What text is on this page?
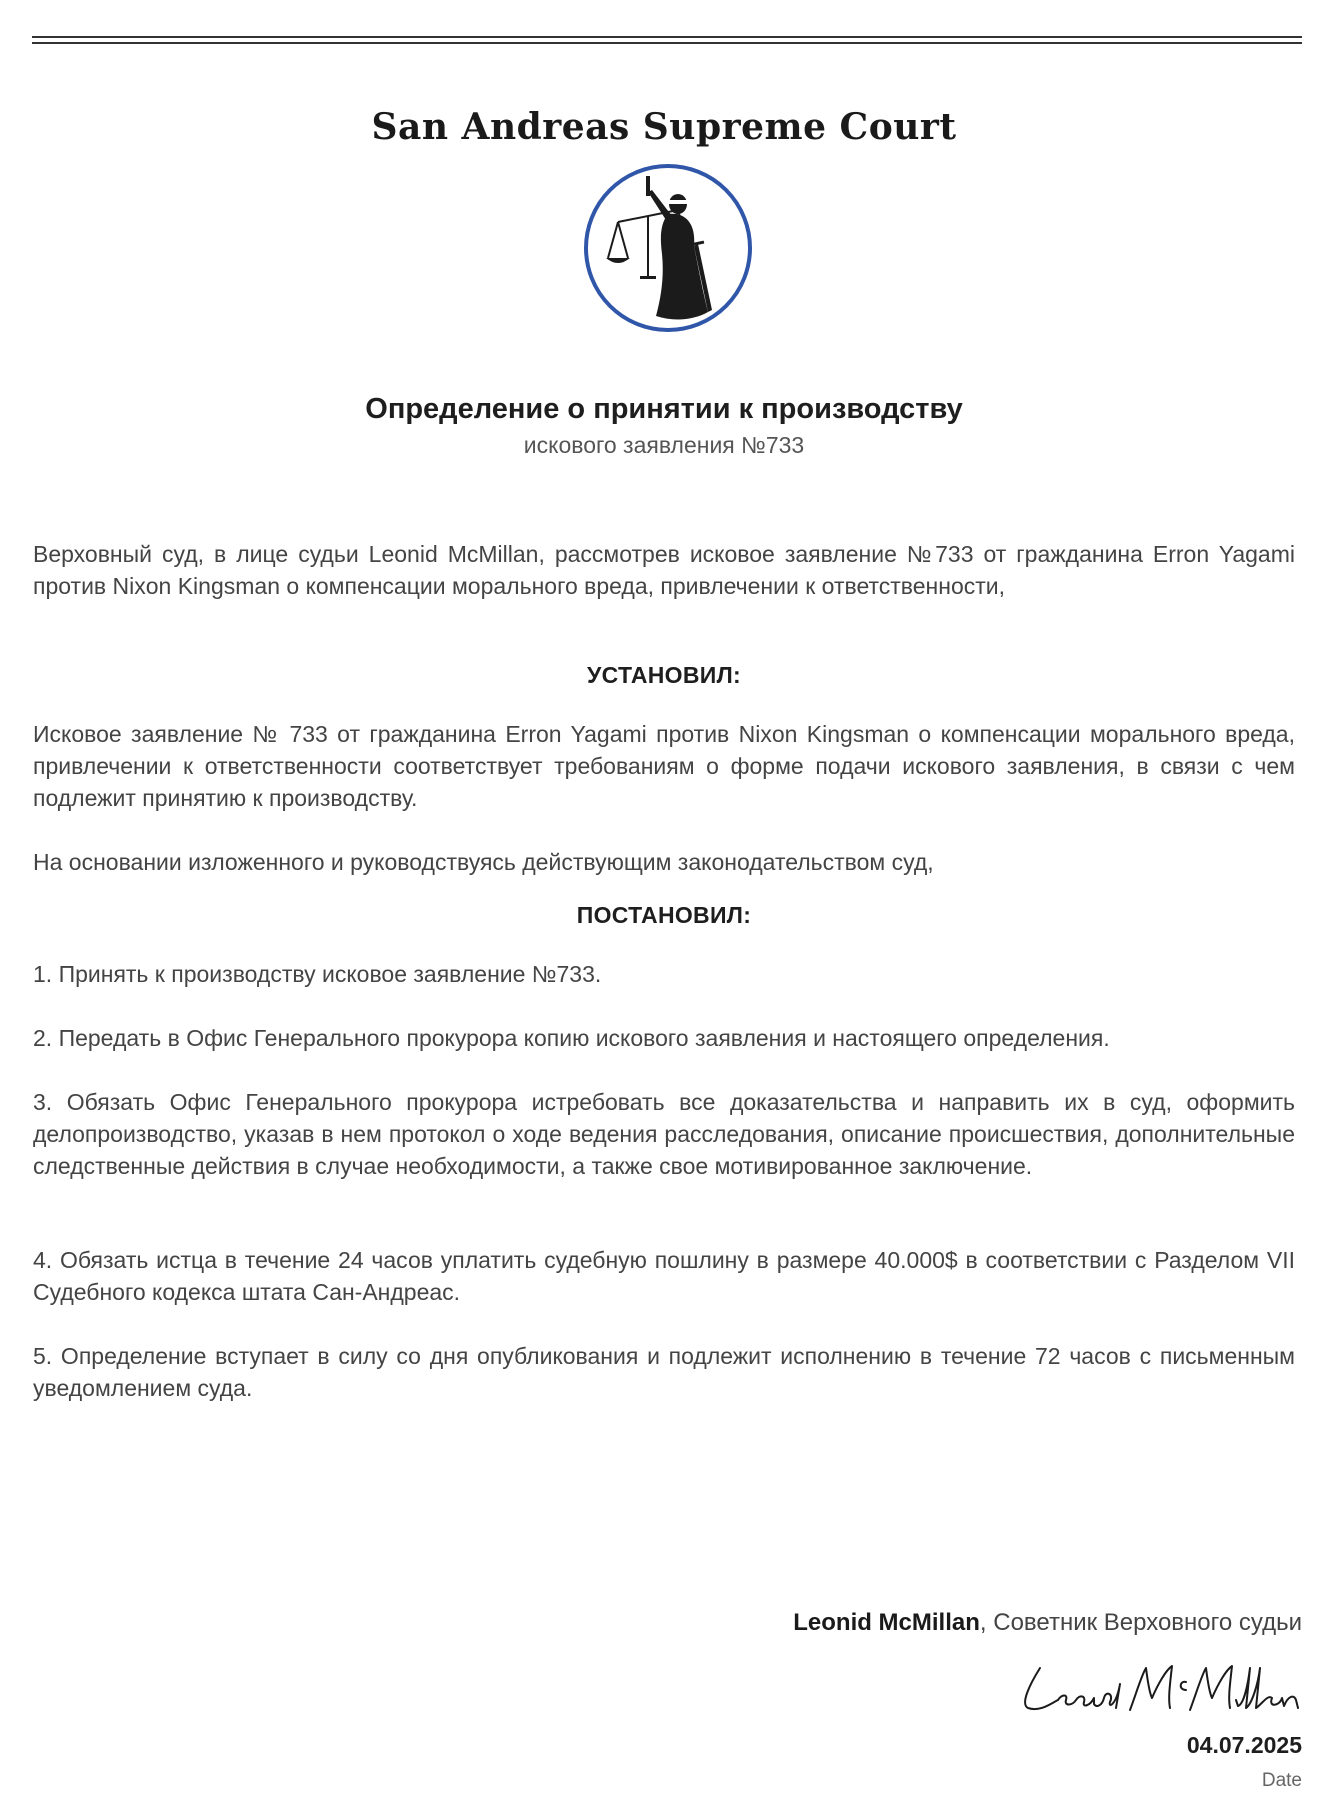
San Andreas Supreme Court
Определение о принятии к производству
искового заявления №733
Верховный суд, в лице судьи Leonid McMillan, рассмотрев исковое заявление №733 от гражданина Erron Yagami против Nixon Kingsman о компенсации морального вреда, привлечении к ответственности,
УСТАНОВИЛ:
Исковое заявление № 733 от гражданина Erron Yagami против Nixon Kingsman о компенсации морального вреда, привлечении к ответственности соответствует требованиям о форме подачи искового заявления, в связи с чем подлежит принятию к производству.
На основании изложенного и руководствуясь действующим законодательством суд,
ПОСТАНОВИЛ:
1. Принять к производству исковое заявление №733.
2. Передать в Офис Генерального прокурора копию искового заявления и настоящего определения.
3. Обязать Офис Генерального прокурора истребовать все доказательства и направить их в суд, оформить делопроизводство, указав в нем протокол о ходе ведения расследования, описание происшествия, дополнительные следственные действия в случае необходимости, а также свое мотивированное заключение.
4. Обязать истца в течение 24 часов уплатить судебную пошлину в размере 40.000$ в соответствии с Разделом VII Судебного кодекса штата Сан-Андреас.
5. Определение вступает в силу со дня опубликования и подлежит исполнению в течение 72 часов с письменным уведомлением суда.
Leonid McMillan, Советник Верховного судьи
04.07.2025
Date
